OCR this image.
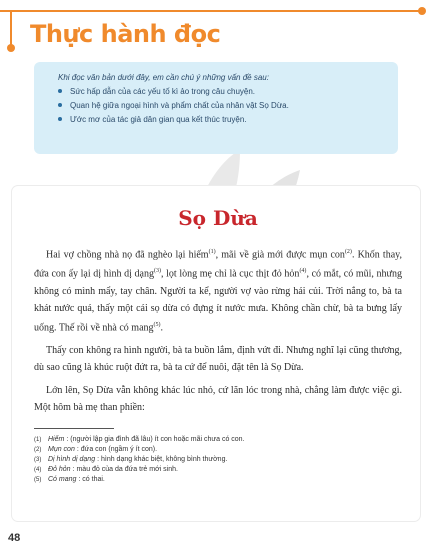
Thực hành đọc

Khi đọc văn bản dưới đây, em cần chú ý những vấn đề sau:

Sức hấp dẫn của các yếu tố kì ảo trong câu chuyện.
Quan hệ giữa ngoại hình và phẩm chất của nhân vật Sọ Dừa.
Ước mơ của tác giả dân gian qua kết thúc truyện.
Sọ Dừa

Hai vợ chồng nhà nọ đã nghèo lại hiếm$^{(1)}$, mãi về già mới được mụn con$^{(2)}$. Khốn thay, đứa con ấy lại dị hình dị dạng$^{(3)}$, lọt lòng mẹ chỉ là cục thịt đỏ hỏn$^{(4)}$, có mắt, có mũi, nhưng không có mình mẩy, tay chân. Người ta kể, người vợ vào rừng hái củi. Trời nắng to, bà ta khát nước quá, thấy một cái sọ dừa có đựng ít nước mưa. Không chần chừ, bà ta bưng lấy uống. Thế rồi về nhà có mang$^{(5)}$.

Thấy con không ra hình người, bà ta buồn lắm, định vứt đi. Nhưng nghĩ lại cũng thương, dù sao cũng là khúc ruột đứt ra, bà ta cứ để nuôi, đặt tên là Sọ Dừa.

Lớn lên, Sọ Dừa vẫn không khác lúc nhỏ, cứ lăn lóc trong nhà, chẳng làm được việc gì. Một hôm bà mẹ than phiền:

(1) Hiếm : (người lập gia đình đã lâu) ít con hoặc mãi chưa có con.
(2) Mụn con : đứa con (ngầm ý ít con).
(3) Dị hình dị dạng : hình dạng khác biệt, không bình thường.
(4) Đỏ hỏn : màu đỏ của da đứa trẻ mới sinh.
(5) Có mang : có thai.
48
